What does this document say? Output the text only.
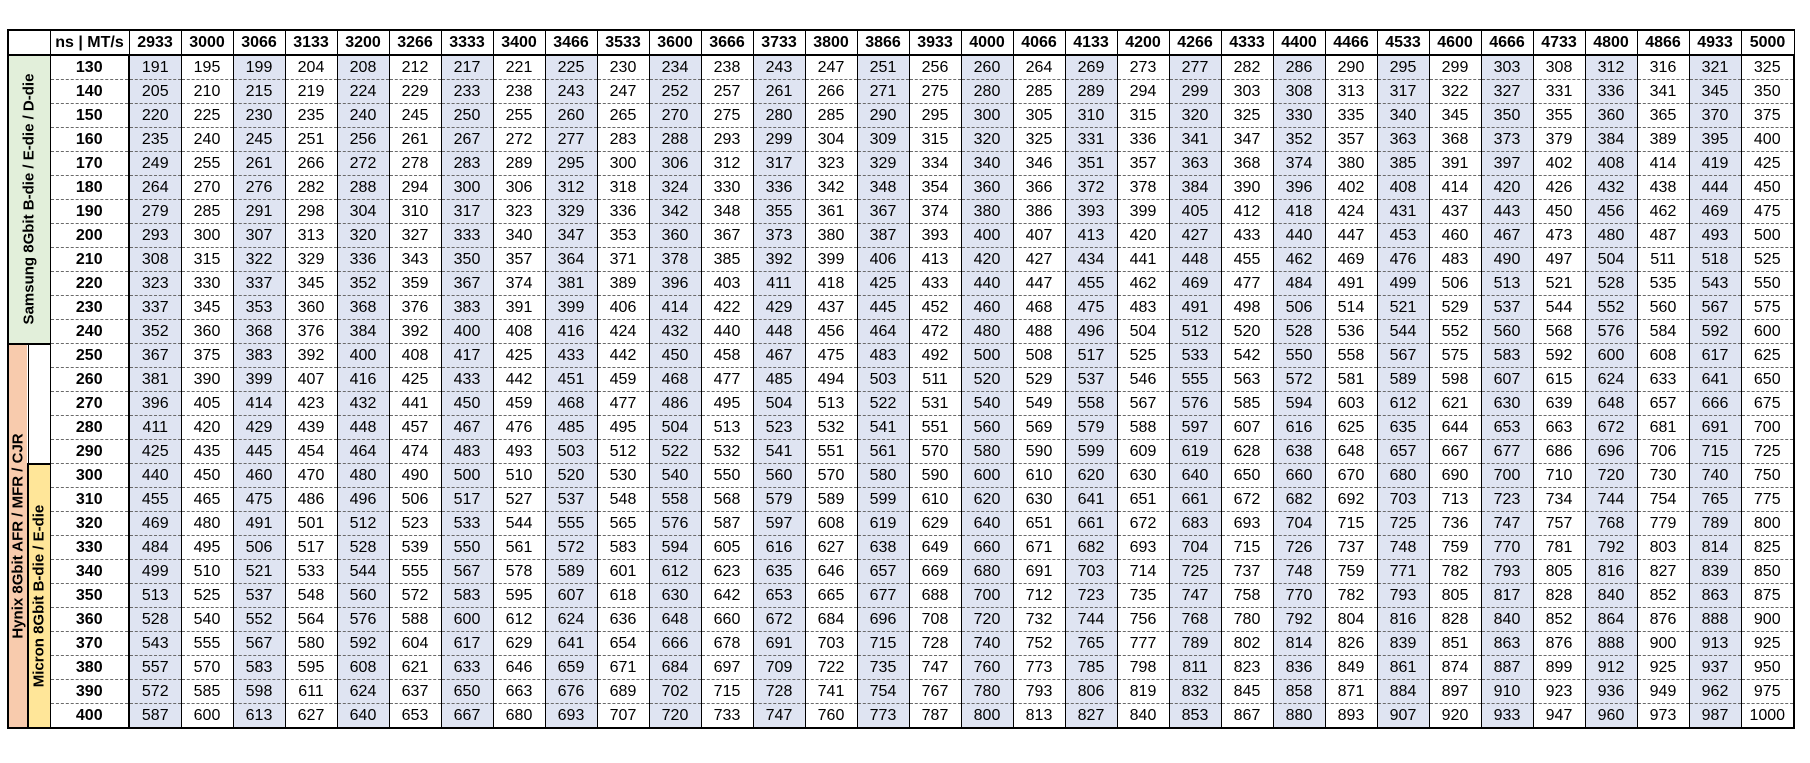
		ns | MT/s	2933	3000	3066	3133	3200	3266	3333	3400	3466	3533	3600	3666	3733	3800	3866	3933	4000	4066	4133	4200	4266	4333	4400	4466	4533	4600	4666	4733	4800	4866	4933	5000

Samsung 8Gbit B-die / E-die / D-die		130	191	195	199	204	208	212	217	221	225	230	234	238	243	247	251	256	260	264	269	273	277	282	286	290	295	299	303	308	312	316	321	325
		140	205	210	215	219	224	229	233	238	243	247	252	257	261	266	271	275	280	285	289	294	299	303	308	313	317	322	327	331	336	341	345	350
		150	220	225	230	235	240	245	250	255	260	265	270	275	280	285	290	295	300	305	310	315	320	325	330	335	340	345	350	355	360	365	370	375
		160	235	240	245	251	256	261	267	272	277	283	288	293	299	304	309	315	320	325	331	336	341	347	352	357	363	368	373	379	384	389	395	400
		170	249	255	261	266	272	278	283	289	295	300	306	312	317	323	329	334	340	346	351	357	363	368	374	380	385	391	397	402	408	414	419	425
		180	264	270	276	282	288	294	300	306	312	318	324	330	336	342	348	354	360	366	372	378	384	390	396	402	408	414	420	426	432	438	444	450
		190	279	285	291	298	304	310	317	323	329	336	342	348	355	361	367	374	380	386	393	399	405	412	418	424	431	437	443	450	456	462	469	475
		200	293	300	307	313	320	327	333	340	347	353	360	367	373	380	387	393	400	407	413	420	427	433	440	447	453	460	467	473	480	487	493	500
		210	308	315	322	329	336	343	350	357	364	371	378	385	392	399	406	413	420	427	434	441	448	455	462	469	476	483	490	497	504	511	518	525
		220	323	330	337	345	352	359	367	374	381	389	396	403	411	418	425	433	440	447	455	462	469	477	484	491	499	506	513	521	528	535	543	550
		230	337	345	353	360	368	376	383	391	399	406	414	422	429	437	445	452	460	468	475	483	491	498	506	514	521	529	537	544	552	560	567	575
		240	352	360	368	376	384	392	400	408	416	424	432	440	448	456	464	472	480	488	496	504	512	520	528	536	544	552	560	568	576	584	592	600

Hynix 8Gbit AFR / MFR / CJR		250	367	375	383	392	400	408	417	425	433	442	450	458	467	475	483	492	500	508	517	525	533	542	550	558	567	575	583	592	600	608	617	625
		260	381	390	399	407	416	425	433	442	451	459	468	477	485	494	503	511	520	529	537	546	555	563	572	581	589	598	607	615	624	633	641	650
		270	396	405	414	423	432	441	450	459	468	477	486	495	504	513	522	531	540	549	558	567	576	585	594	603	612	621	630	639	648	657	666	675
		280	411	420	429	439	448	457	467	476	485	495	504	513	523	532	541	551	560	569	579	588	597	607	616	625	635	644	653	663	672	681	691	700
		290	425	435	445	454	464	474	483	493	503	512	522	532	541	551	561	570	580	590	599	609	619	628	638	648	657	667	677	686	696	706	715	725

	Micron 8Gbit B-die / E-die	300	440	450	460	470	480	490	500	510	520	530	540	550	560	570	580	590	600	610	620	630	640	650	660	670	680	690	700	710	720	730	740	750
		310	455	465	475	486	496	506	517	527	537	548	558	568	579	589	599	610	620	630	641	651	661	672	682	692	703	713	723	734	744	754	765	775
		320	469	480	491	501	512	523	533	544	555	565	576	587	597	608	619	629	640	651	661	672	683	693	704	715	725	736	747	757	768	779	789	800
		330	484	495	506	517	528	539	550	561	572	583	594	605	616	627	638	649	660	671	682	693	704	715	726	737	748	759	770	781	792	803	814	825
		340	499	510	521	533	544	555	567	578	589	601	612	623	635	646	657	669	680	691	703	714	725	737	748	759	771	782	793	805	816	827	839	850
		350	513	525	537	548	560	572	583	595	607	618	630	642	653	665	677	688	700	712	723	735	747	758	770	782	793	805	817	828	840	852	863	875
		360	528	540	552	564	576	588	600	612	624	636	648	660	672	684	696	708	720	732	744	756	768	780	792	804	816	828	840	852	864	876	888	900
		370	543	555	567	580	592	604	617	629	641	654	666	678	691	703	715	728	740	752	765	777	789	802	814	826	839	851	863	876	888	900	913	925
		380	557	570	583	595	608	621	633	646	659	671	684	697	709	722	735	747	760	773	785	798	811	823	836	849	861	874	887	899	912	925	937	950
		390	572	585	598	611	624	637	650	663	676	689	702	715	728	741	754	767	780	793	806	819	832	845	858	871	884	897	910	923	936	949	962	975
		400	587	600	613	627	640	653	667	680	693	707	720	733	747	760	773	787	800	813	827	840	853	867	880	893	907	920	933	947	960	973	987	1000
